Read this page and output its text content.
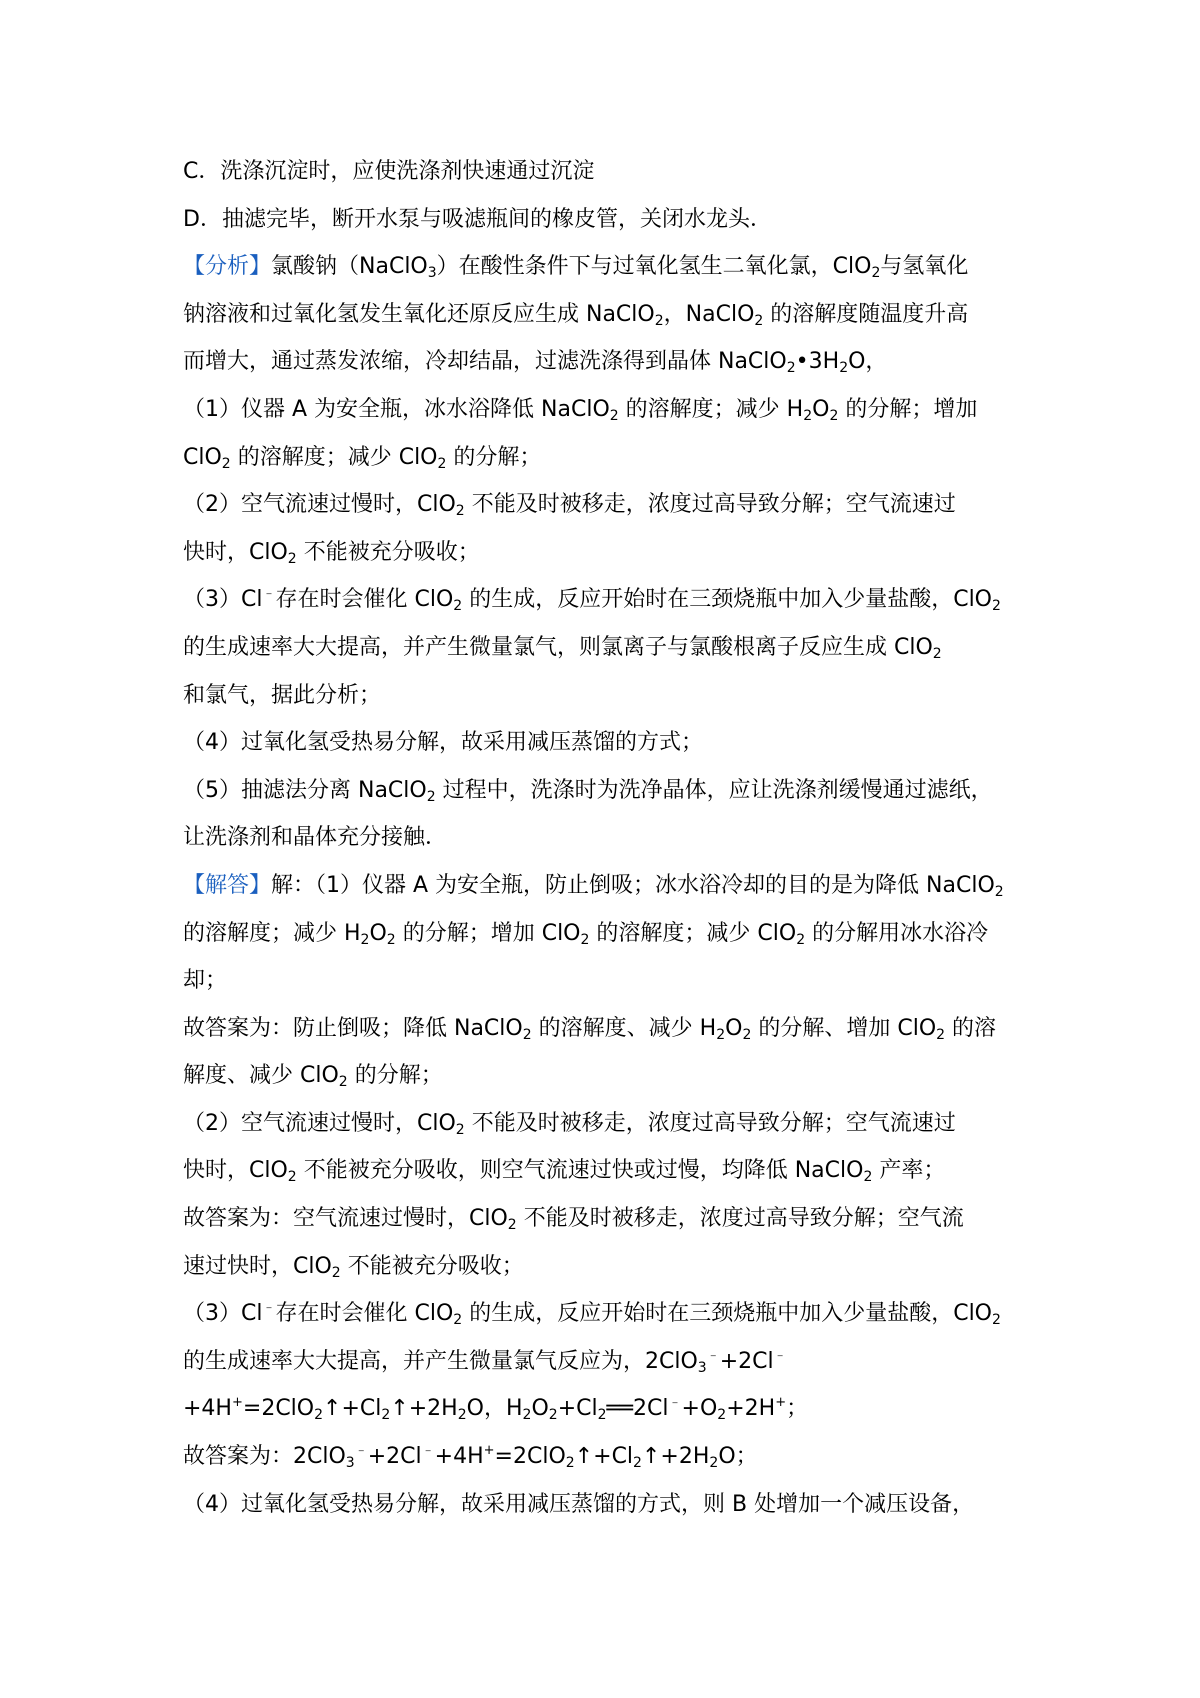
C．洗涤沉淀时，应使洗涤剂快速通过沉淀
D．抽滤完毕，断开水泵与吸滤瓶间的橡皮管，关闭水龙头．
【分析】氯酸钠（NaClO$_3$）在酸性条件下与过氧化氢生二氧化氯，ClO$_2$与氢氧化
钠溶液和过氧化氢发生氧化还原反应生成 NaClO$_2$，NaClO$_2$ 的溶解度随温度升高
而增大，通过蒸发浓缩，冷却结晶，过滤洗涤得到晶体 $NaClO_2•3H_2O$，
（1）仪器 A 为安全瓶，冰水浴降低 NaClO$_2$ 的溶解度；减少 $H_2O_2$ 的分解；增加
ClO$_2$ 的溶解度；减少 ClO$_2$ 的分解；
（2）空气流速过慢时，ClO$_2$ 不能及时被移走，浓度过高导致分解；空气流速过
快时，ClO$_2$ 不能被充分吸收；
（3）Cl﹣存在时会催化 ClO$_2$ 的生成，反应开始时在三颈烧瓶中加入少量盐酸，ClO$_2$
的生成速率大大提高，并产生微量氯气，则氯离子与氯酸根离子反应生成 ClO$_2$
和氯气，据此分析；
（4）过氧化氢受热易分解，故采用减压蒸馏的方式；
（5）抽滤法分离 NaClO$_2$ 过程中，洗涤时为洗净晶体，应让洗涤剂缓慢通过滤纸，
让洗涤剂和晶体充分接触．
【解答】解：（1）仪器 A 为安全瓶，防止倒吸；冰水浴冷却的目的是为降低 NaClO$_2$
的溶解度；减少 $H_2O_2$ 的分解；增加 ClO$_2$ 的溶解度；减少 ClO$_2$ 的分解用冰水浴冷
却；
故答案为：防止倒吸；降低 NaClO$_2$ 的溶解度、减少 $H_2O_2$ 的分解、增加 ClO$_2$ 的溶
解度、减少 ClO$_2$ 的分解；
（2）空气流速过慢时，ClO$_2$ 不能及时被移走，浓度过高导致分解；空气流速过
快时，ClO$_2$ 不能被充分吸收，则空气流速过快或过慢，均降低 NaClO$_2$ 产率；
故答案为：空气流速过慢时，ClO$_2$ 不能及时被移走，浓度过高导致分解；空气流
速过快时，ClO$_2$ 不能被充分吸收；
（3）Cl﹣存在时会催化 ClO$_2$ 的生成，反应开始时在三颈烧瓶中加入少量盐酸，ClO$_2$
的生成速率大大提高，并产生微量氯气反应为，2ClO$_3$﹣+2Cl﹣
$+4H^+=2ClO_2↑+Cl_2↑+2H_2O$，$H_2O_2+Cl_2══2Cl^﹣+O_2+2H^+$；
故答案为：$2ClO_3^﹣+2Cl^﹣+4H^+=2ClO_2↑+Cl_2↑+2H_2O$；
（4）过氧化氢受热易分解，故采用减压蒸馏的方式，则 B 处增加一个减压设备，
